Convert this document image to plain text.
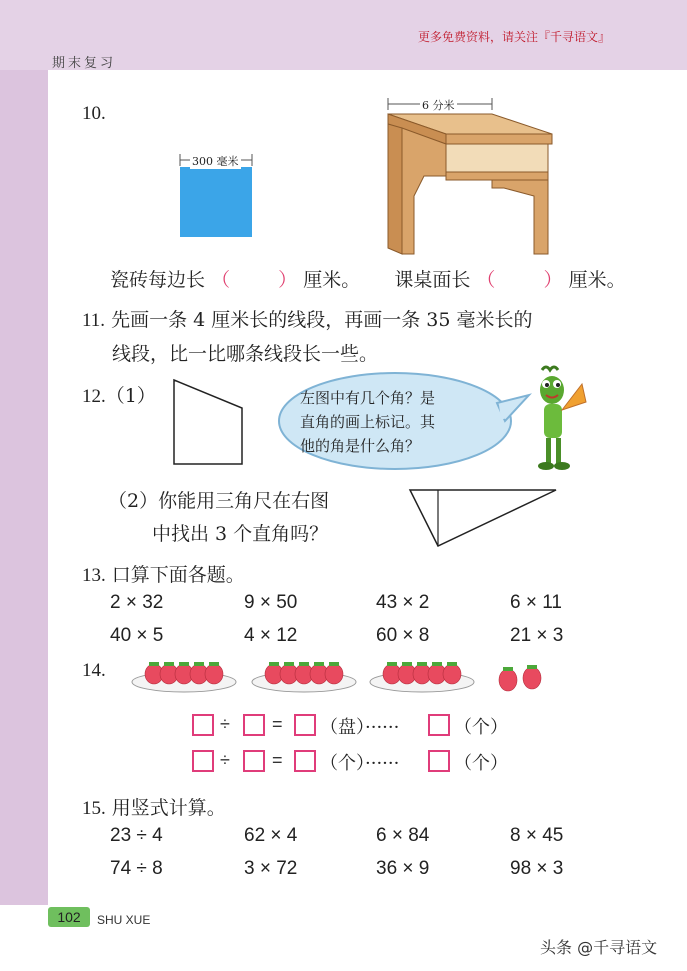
更多免费资料，请关注『千寻语文』
期末复习
10.
300 毫米
6 分米
瓷砖每边长 （	） 厘米。 课桌面长 （	） 厘米。
11. 先画一条 4 厘米长的线段，再画一条 35 毫米长的
线段，比一比哪条线段长一些。
12.（1）	左图中有几个角？是
直角的画上标记。其
他的角是什么角？
（2）你能用三角尺在右图
中找出 3 个直角吗？
13. 口算下面各题。
2 × 32	9 × 50	43 × 2	6 × 11
40 × 5	4 × 12	60 × 8	21 × 3
14.
÷ = （盘）······	（个）
÷ = （个）······	（个）
15. 用竖式计算。
23 ÷ 4	62 × 4	6 × 84	8 × 45
74 ÷ 8	3 × 72	36 × 9	98 × 3
102	SHU XUE
头条 @千寻语文
